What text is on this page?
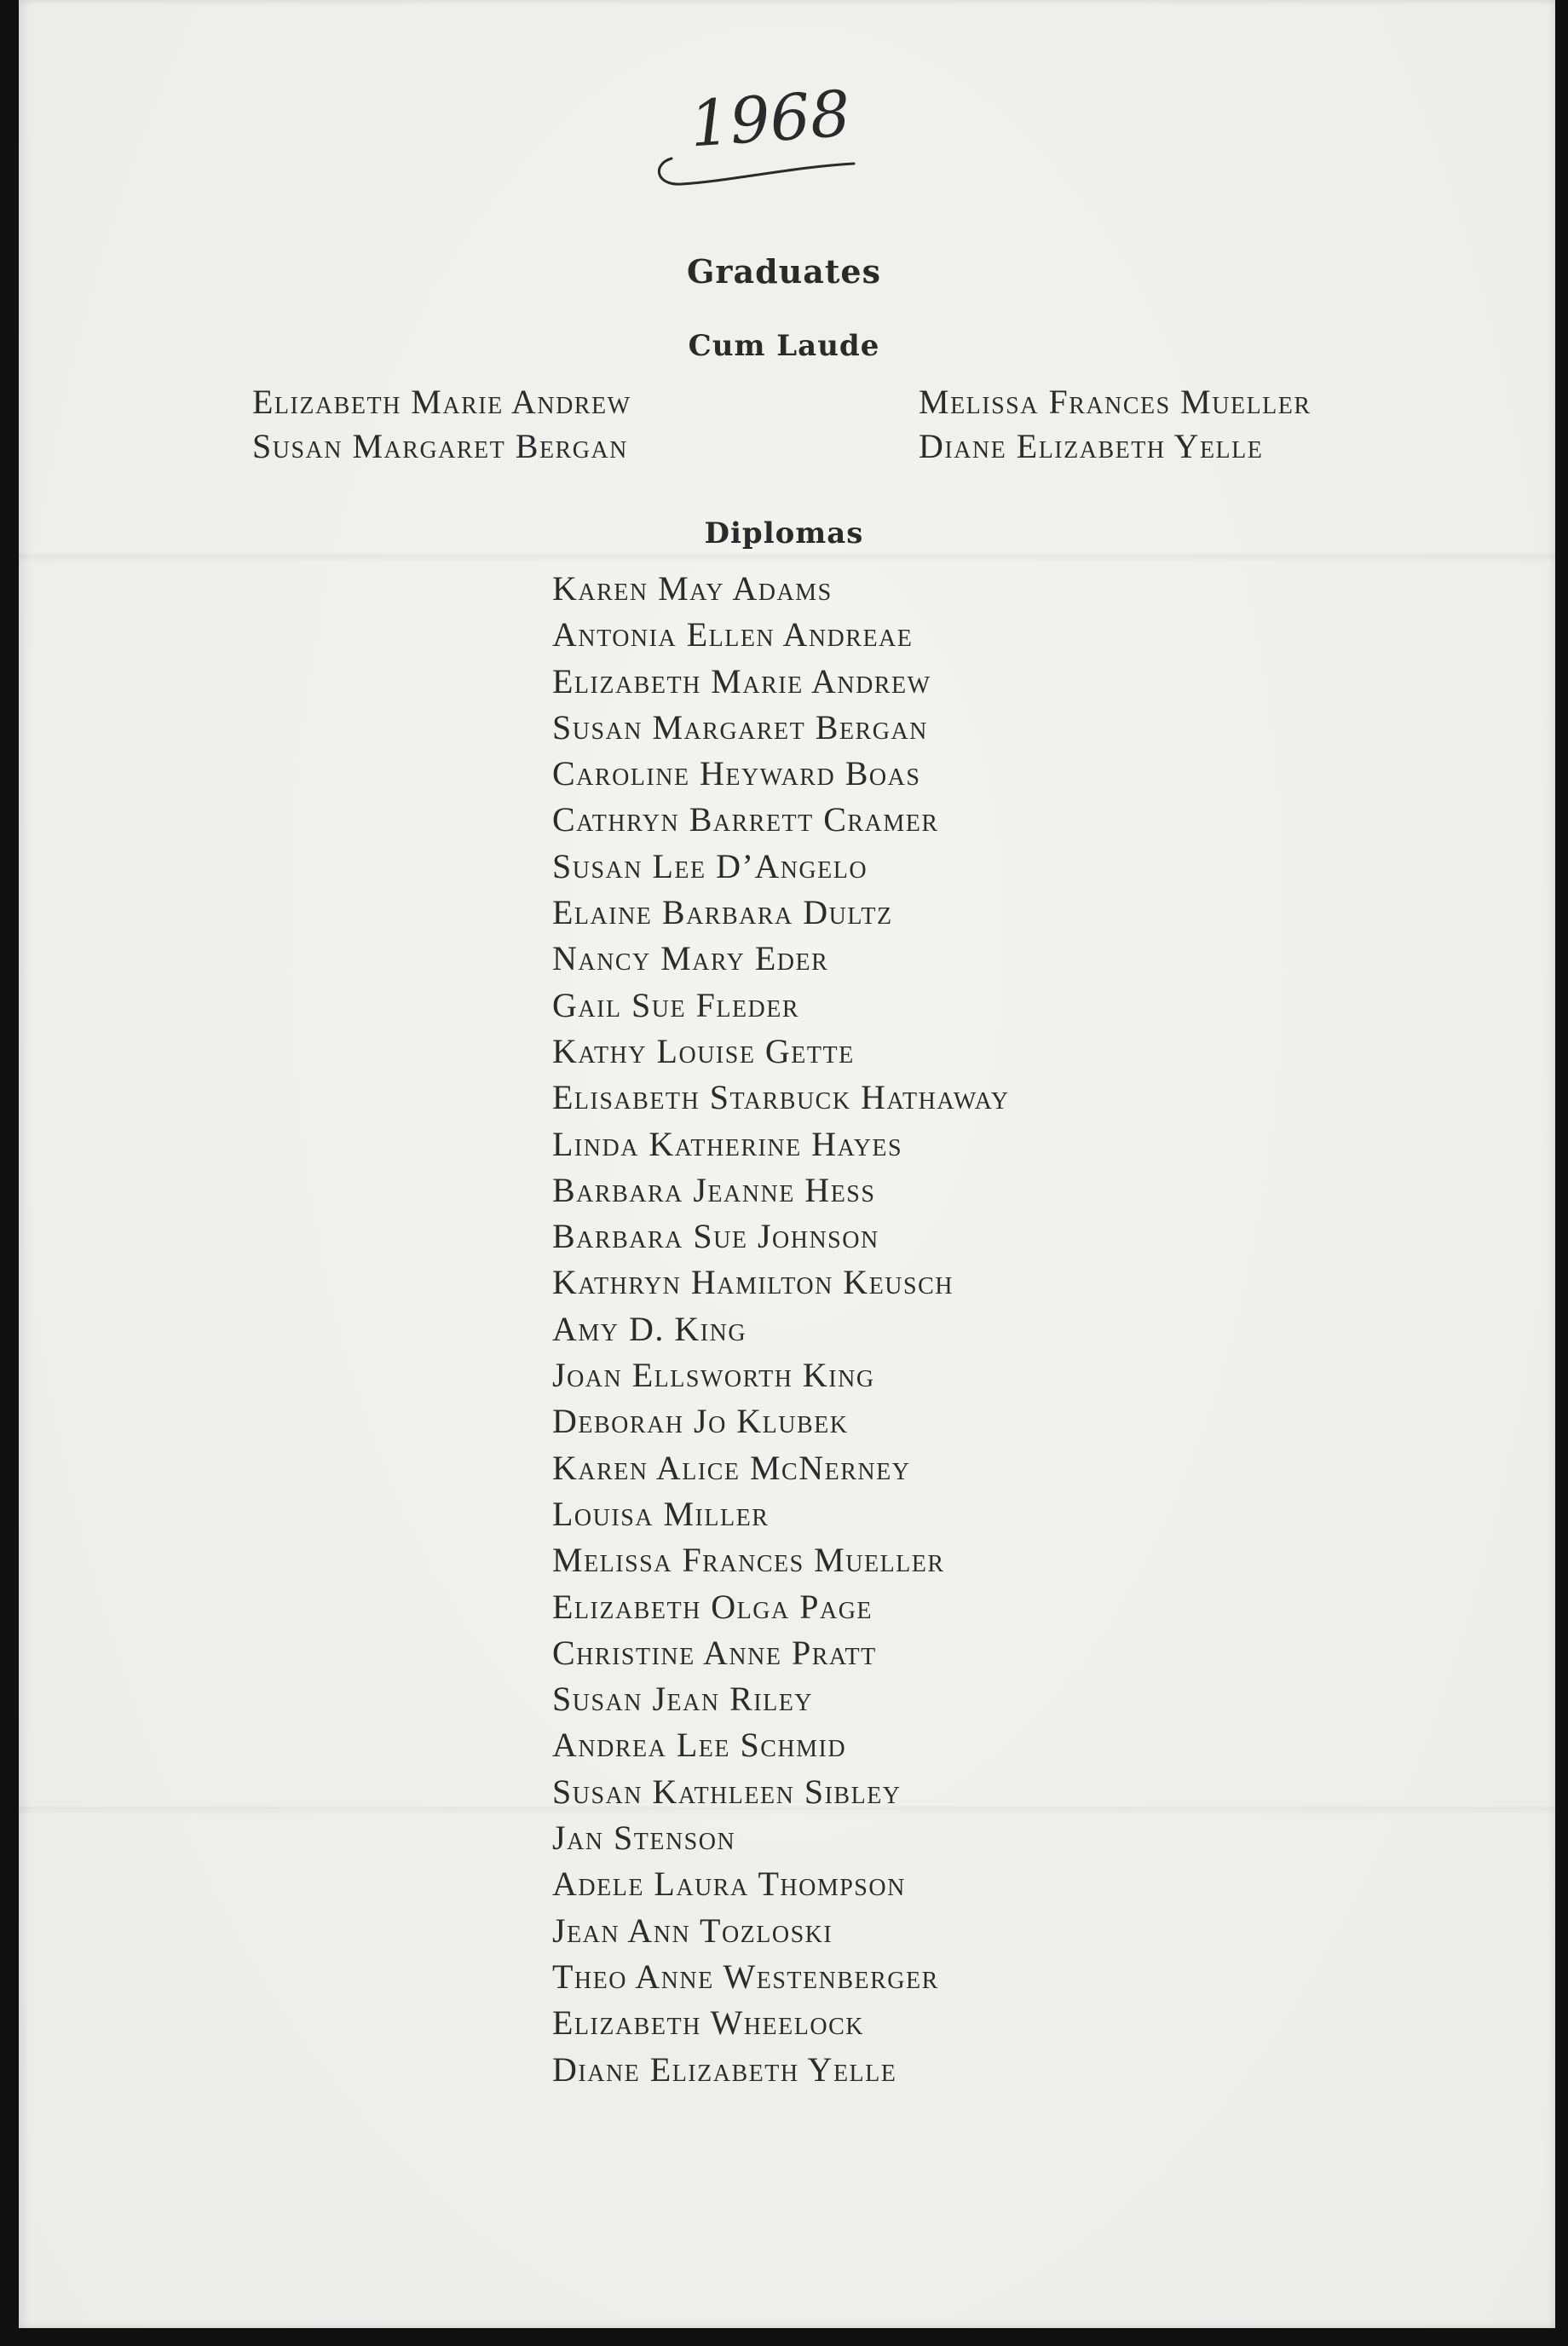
1968
Graduates
Cum Laude
Elizabeth Marie Andrew
Susan Margaret Bergan
Melissa Frances Mueller
Diane Elizabeth Yelle
Diplomas
Karen May Adams
Antonia Ellen Andreae
Elizabeth Marie Andrew
Susan Margaret Bergan
Caroline Heyward Boas
Cathryn Barrett Cramer
Susan Lee D’Angelo
Elaine Barbara Dultz
Nancy Mary Eder
Gail Sue Fleder
Kathy Louise Gette
Elisabeth Starbuck Hathaway
Linda Katherine Hayes
Barbara Jeanne Hess
Barbara Sue Johnson
Kathryn Hamilton Keusch
Amy D. King
Joan Ellsworth King
Deborah Jo Klubek
Karen Alice McNerney
Louisa Miller
Melissa Frances Mueller
Elizabeth Olga Page
Christine Anne Pratt
Susan Jean Riley
Andrea Lee Schmid
Susan Kathleen Sibley
Jan Stenson
Adele Laura Thompson
Jean Ann Tozloski
Theo Anne Westenberger
Elizabeth Wheelock
Diane Elizabeth Yelle
